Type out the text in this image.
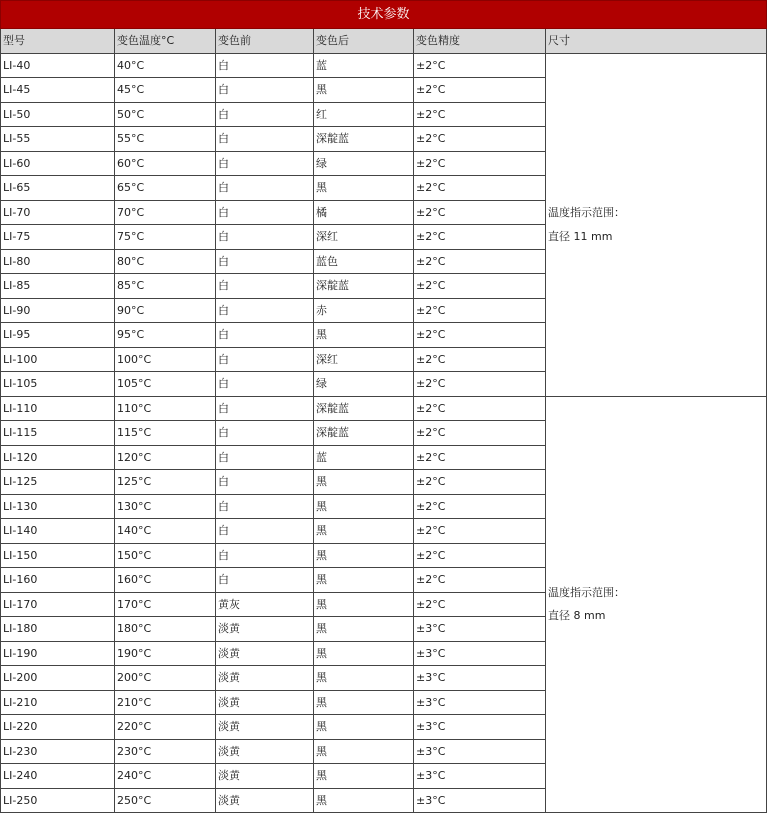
技术参数					
型号	变色温度°C	变色前	变色后	变色精度	尺寸
LI-40	40°C	白	蓝	±2°C	温度指示范围：
直径 11 mm

LI-45	45°C	白	黑	±2°C	
LI-50	50°C	白	红	±2°C	
LI-55	55°C	白	深靛蓝	±2°C	
LI-60	60°C	白	绿	±2°C	
LI-65	65°C	白	黑	±2°C	
LI-70	70°C	白	橘	±2°C	
LI-75	75°C	白	深红	±2°C	
LI-80	80°C	白	蓝色	±2°C	
LI-85	85°C	白	深靛蓝	±2°C	
LI-90	90°C	白	赤	±2°C	
LI-95	95°C	白	黑	±2°C	
LI-100	100°C	白	深红	±2°C	
LI-105	105°C	白	绿	±2°C	
LI-110	110°C	白	深靛蓝	±2°C	温度指示范围：
直径 8 mm

LI-115	115°C	白	深靛蓝	±2°C	
LI-120	120°C	白	蓝	±2°C	
LI-125	125°C	白	黑	±2°C	
LI-130	130°C	白	黑	±2°C	
LI-140	140°C	白	黑	±2°C	
LI-150	150°C	白	黑	±2°C	
LI-160	160°C	白	黑	±2°C	
LI-170	170°C	黄灰	黑	±2°C	
LI-180	180°C	淡黄	黑	±3°C	
LI-190	190°C	淡黄	黑	±3°C	
LI-200	200°C	淡黄	黑	±3°C	
LI-210	210°C	淡黄	黑	±3°C	
LI-220	220°C	淡黄	黑	±3°C	
LI-230	230°C	淡黄	黑	±3°C	
LI-240	240°C	淡黄	黑	±3°C	
LI-250	250°C	淡黄	黑	±3°C	
